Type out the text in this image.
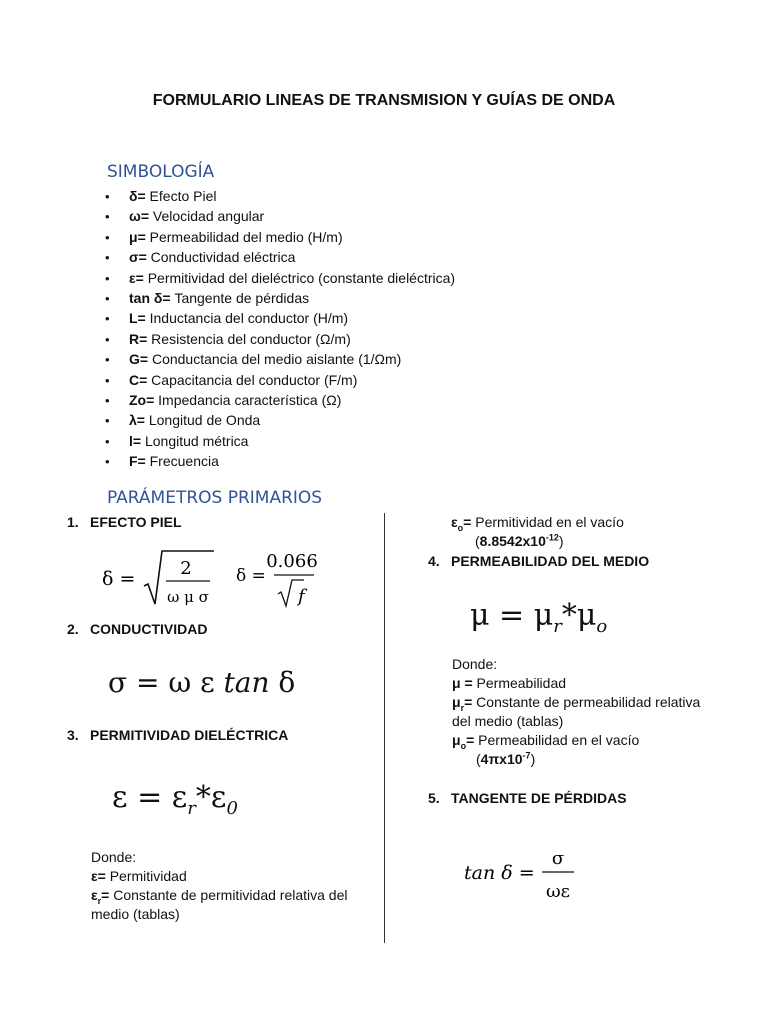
FORMULARIO LINEAS DE TRANSMISION Y GUÍAS DE ONDA
SIMBOLOGÍA
• δ= Efecto Piel
• ω= Velocidad angular
• μ= Permeabilidad del medio (H/m)
• σ= Conductividad eléctrica
• ε= Permitividad del dieléctrico (constante dieléctrica)
• tan δ= Tangente de pérdidas
• L= Inductancia del conductor (H/m)
• R= Resistencia del conductor (Ω/m)
• G= Conductancia del medio aislante (1/Ωm)
• C= Capacitancia del conductor (F/m)
• Zo= Impedancia característica (Ω)
• λ= Longitud de Onda
• l= Longitud métrica
• F= Frecuencia
PARÁMETROS PRIMARIOS
1. EFECTO PIEL
δ = 2
ω μ σ
δ =
0.066
f
2. CONDUCTIVIDAD
σ = ω ε tan δ
3. PERMITIVIDAD DIELÉCTRICA
$\varepsilon = \varepsilon_r*\varepsilon_0$
Donde:
ε= Permitividad
$\varepsilon_r=$ Constante de permitividad relativa del
medio (tablas)
$\varepsilon_o=$ Permitividad en el vacío
$(8.8542x10^{-12})$
4. PERMEABILIDAD DEL MEDIO
$\mu = \mu_r*\mu_o$
Donde:
μ = Permeabilidad
$\mu_r=$ Constante de permeabilidad relativa
del medio (tablas)
$\mu_o=$ Permeabilidad en el vacío
$(4\pi x10^{-7})$
5. TANGENTE DE PÉRDIDAS
tan δ =
σ
ωε
